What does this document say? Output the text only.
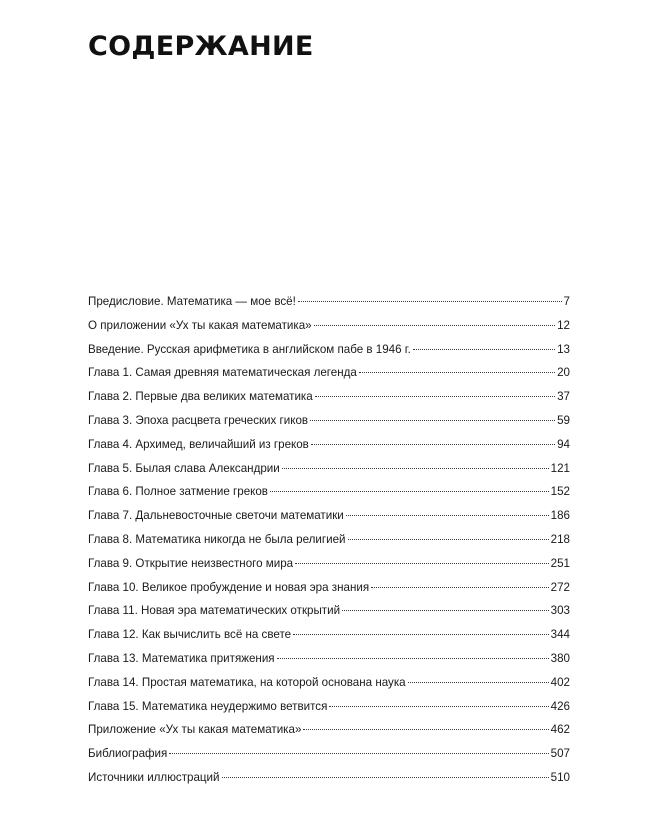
СОДЕРЖАНИЕ
Предисловие. Математика — мое всё!	7
О приложении «Ух ты какая математика»	12
Введение. Русская арифметика в английском пабе в 1946 г.	13
Глава 1. Самая древняя математическая легенда	20
Глава 2. Первые два великих математика	37
Глава 3. Эпоха расцвета греческих гиков	59
Глава 4. Архимед, величайший из греков	94
Глава 5. Былая слава Александрии	121
Глава 6. Полное затмение греков	152
Глава 7. Дальневосточные светочи математики	186
Глава 8. Математика никогда не была религией	218
Глава 9. Открытие неизвестного мира	251
Глава 10. Великое пробуждение и новая эра знания	272
Глава 11. Новая эра математических открытий	303
Глава 12. Как вычислить всё на свете	344
Глава 13. Математика притяжения	380
Глава 14. Простая математика, на которой основана наука	402
Глава 15. Математика неудержимо ветвится	426
Приложение «Ух ты какая математика»	462
Библиография	507
Источники иллюстраций	510
